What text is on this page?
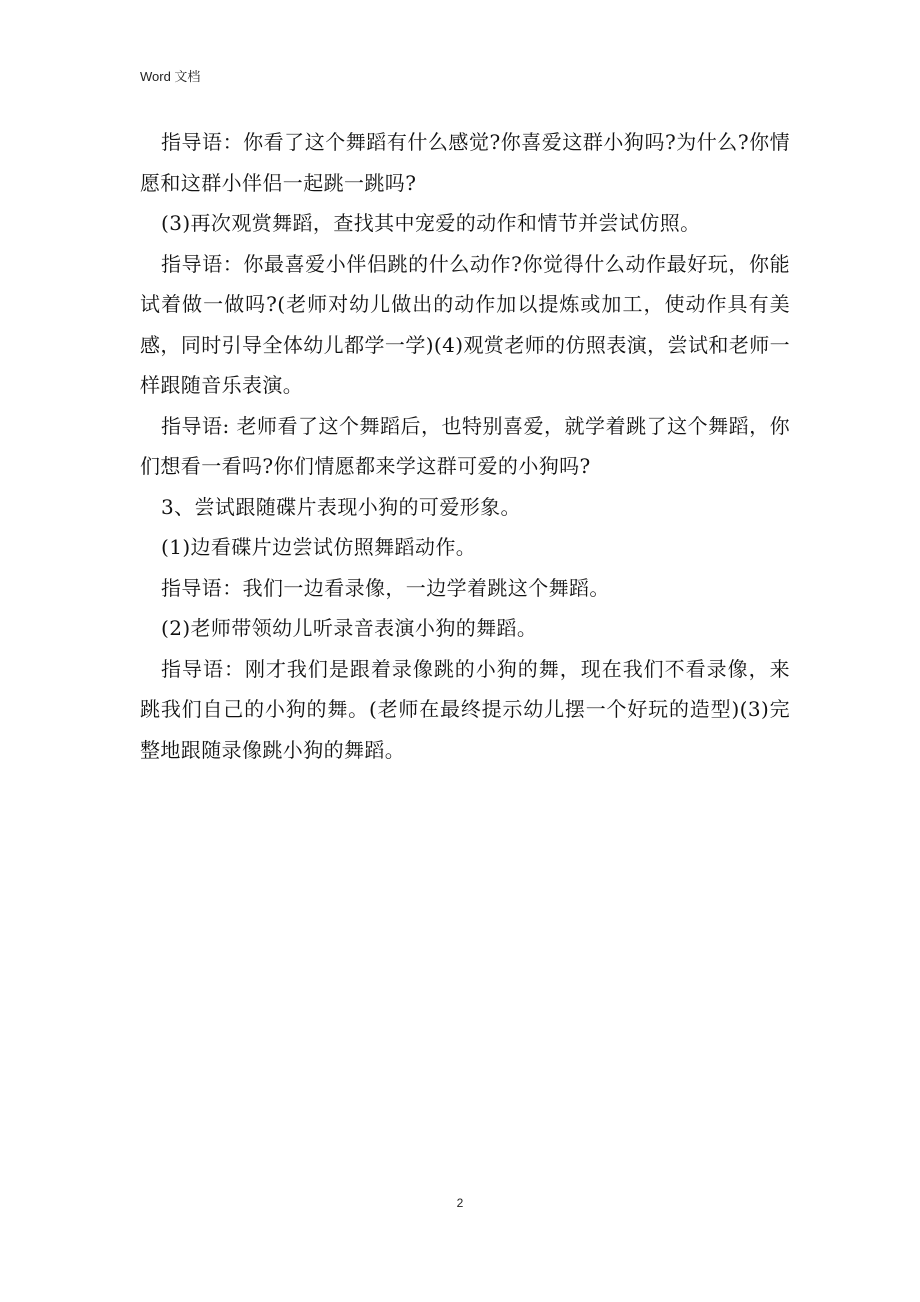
Word 文档

指导语：你看了这个舞蹈有什么感觉?你喜爱这群小狗吗?为什么?你情愿和这群小伴侣一起跳一跳吗?

(3)再次观赏舞蹈，查找其中宠爱的动作和情节并尝试仿照。

指导语：你最喜爱小伴侣跳的什么动作?你觉得什么动作最好玩，你能试着做一做吗?(老师对幼儿做出的动作加以提炼或加工，使动作具有美感，同时引导全体幼儿都学一学)(4)观赏老师的仿照表演，尝试和老师一样跟随音乐表演。

指导语: 老师看了这个舞蹈后，也特别喜爱，就学着跳了这个舞蹈，你们想看一看吗?你们情愿都来学这群可爱的小狗吗?

3、尝试跟随碟片表现小狗的可爱形象。

(1)边看碟片边尝试仿照舞蹈动作。

指导语：我们一边看录像，一边学着跳这个舞蹈。

(2)老师带领幼儿听录音表演小狗的舞蹈。

指导语：刚才我们是跟着录像跳的小狗的舞，现在我们不看录像，来跳我们自己的小狗的舞。(老师在最终提示幼儿摆一个好玩的造型)(3)完整地跟随录像跳小狗的舞蹈。

2
